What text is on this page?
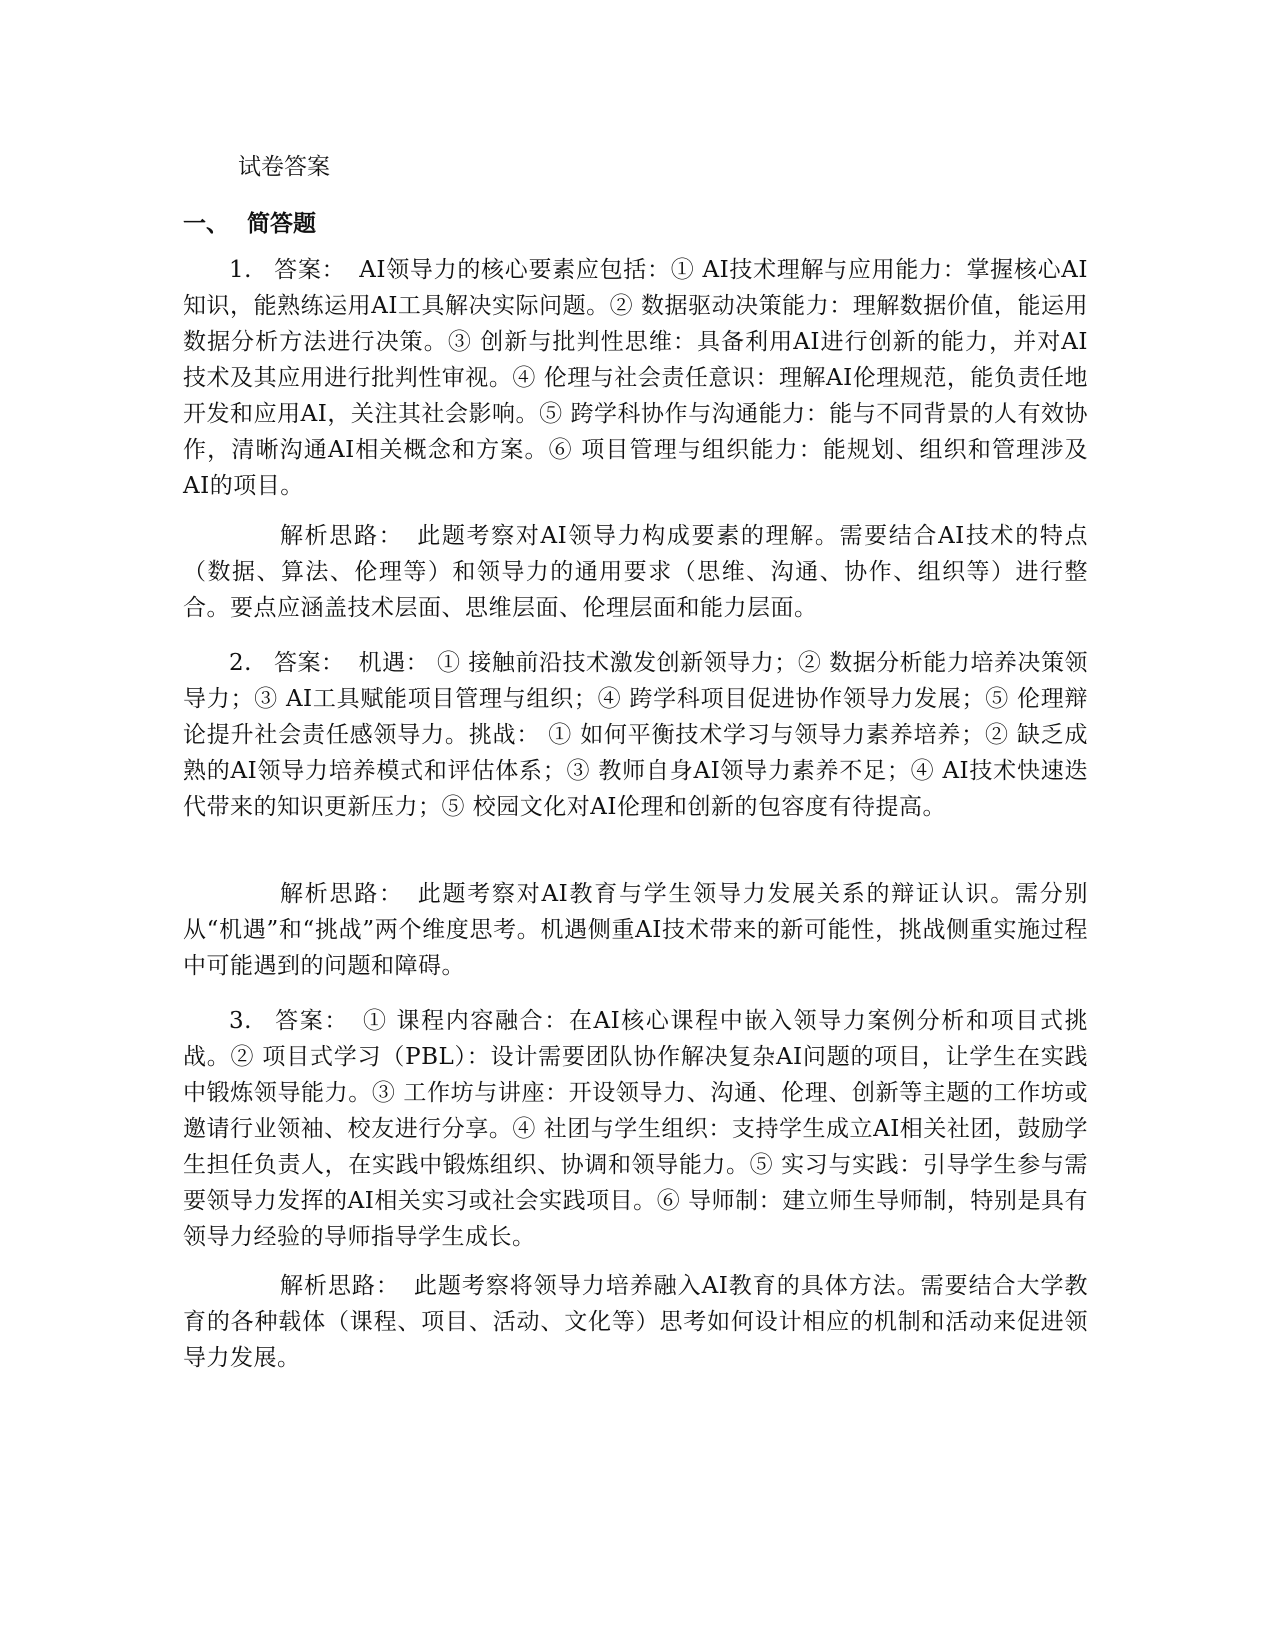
试卷答案
一、 简答题
1. 答案： AI领导力的核心要素应包括：① AI技术理解与应用能力：掌握核心AI知识，能熟练运用AI工具解决实际问题。② 数据驱动决策能力：理解数据价值，能运用数据分析方法进行决策。③ 创新与批判性思维：具备利用AI进行创新的能力，并对AI技术及其应用进行批判性审视。④ 伦理与社会责任意识：理解AI伦理规范，能负责任地开发和应用AI，关注其社会影响。⑤ 跨学科协作与沟通能力：能与不同背景的人有效协作，清晰沟通AI相关概念和方案。⑥ 项目管理与组织能力：能规划、组织和管理涉及AI的项目。
解析思路： 此题考察对AI领导力构成要素的理解。需要结合AI技术的特点（数据、算法、伦理等）和领导力的通用要求（思维、沟通、协作、组织等）进行整合。要点应涵盖技术层面、思维层面、伦理层面和能力层面。
2. 答案： 机遇： ① 接触前沿技术激发创新领导力；② 数据分析能力培养决策领导力；③ AI工具赋能项目管理与组织；④ 跨学科项目促进协作领导力发展；⑤ 伦理辩论提升社会责任感领导力。挑战： ① 如何平衡技术学习与领导力素养培养；② 缺乏成熟的AI领导力培养模式和评估体系；③ 教师自身AI领导力素养不足；④ AI技术快速迭代带来的知识更新压力；⑤ 校园文化对AI伦理和创新的包容度有待提高。
解析思路： 此题考察对AI教育与学生领导力发展关系的辩证认识。需分别从“机遇”和“挑战”两个维度思考。机遇侧重AI技术带来的新可能性，挑战侧重实施过程中可能遇到的问题和障碍。
3. 答案： ① 课程内容融合：在AI核心课程中嵌入领导力案例分析和项目式挑战。② 项目式学习（PBL）：设计需要团队协作解决复杂AI问题的项目，让学生在实践中锻炼领导能力。③ 工作坊与讲座：开设领导力、沟通、伦理、创新等主题的工作坊或邀请行业领袖、校友进行分享。④ 社团与学生组织：支持学生成立AI相关社团，鼓励学生担任负责人，在实践中锻炼组织、协调和领导能力。⑤ 实习与实践：引导学生参与需要领导力发挥的AI相关实习或社会实践项目。⑥ 导师制：建立师生导师制，特别是具有领导力经验的导师指导学生成长。
解析思路： 此题考察将领导力培养融入AI教育的具体方法。需要结合大学教育的各种载体（课程、项目、活动、文化等）思考如何设计相应的机制和活动来促进领导力发展。
